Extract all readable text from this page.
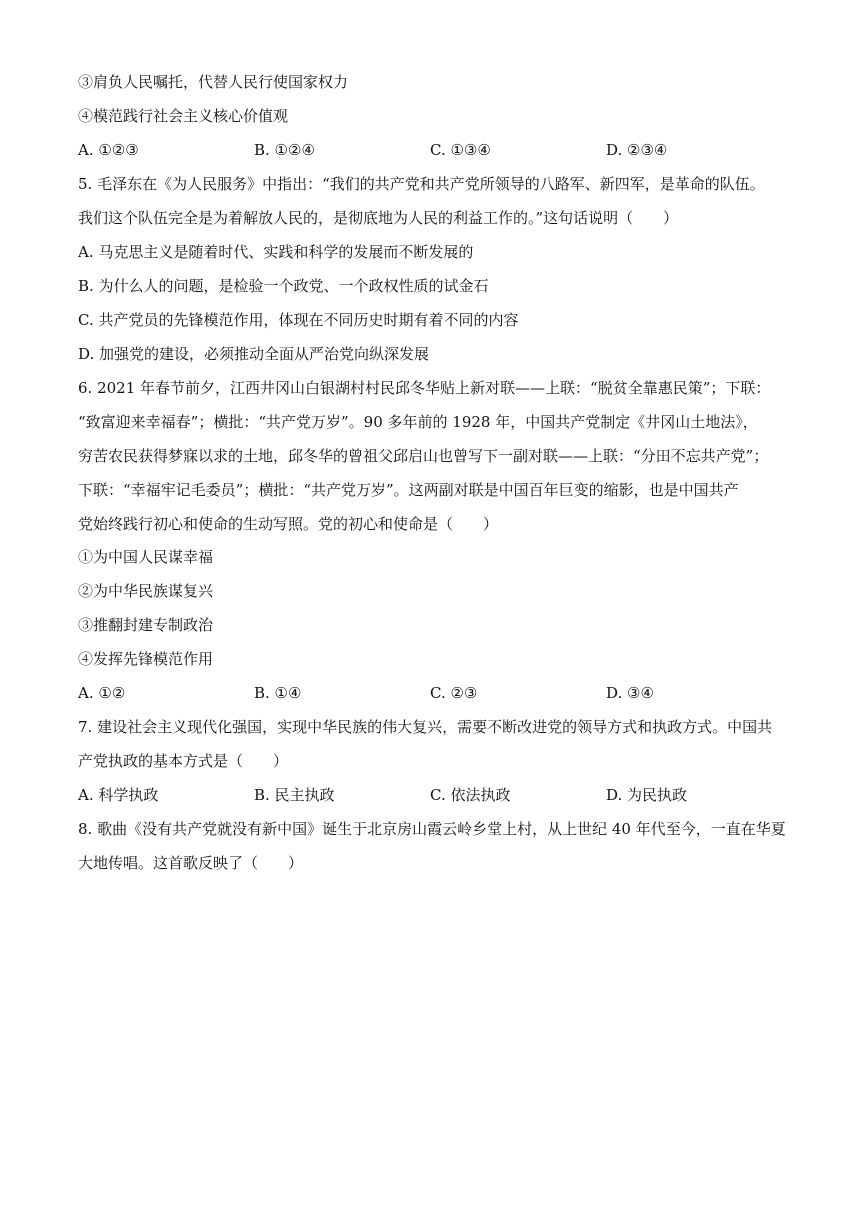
③肩负人民嘱托，代替人民行使国家权力
④模范践行社会主义核心价值观
A. ①②③	B. ①②④	C. ①③④	D. ②③④
5. 毛泽东在《为人民服务》中指出：“我们的共产党和共产党所领导的八路军、新四军，是革命的队伍。
我们这个队伍完全是为着解放人民的，是彻底地为人民的利益工作的。”这句话说明（　　）
A. 马克思主义是随着时代、实践和科学的发展而不断发展的
B. 为什么人的问题，是检验一个政党、一个政权性质的试金石
C. 共产党员的先锋模范作用，体现在不同历史时期有着不同的内容
D. 加强党的建设，必须推动全面从严治党向纵深发展
6. 2021 年春节前夕，江西井冈山白银湖村村民邱冬华贴上新对联——上联：“脱贫全靠惠民策”；下联：
“致富迎来幸福春”；横批：“共产党万岁”。90 多年前的 1928 年，中国共产党制定《井冈山土地法》，
穷苦农民获得梦寐以求的土地，邱冬华的曾祖父邱启山也曾写下一副对联——上联：“分田不忘共产党”；
下联：“幸福牢记毛委员”；横批：“共产党万岁”。这两副对联是中国百年巨变的缩影，也是中国共产
党始终践行初心和使命的生动写照。党的初心和使命是（　　）
①为中国人民谋幸福
②为中华民族谋复兴
③推翻封建专制政治
④发挥先锋模范作用
A. ①②	B. ①④	C. ②③	D. ③④
7. 建设社会主义现代化强国，实现中华民族的伟大复兴，需要不断改进党的领导方式和执政方式。中国共
产党执政的基本方式是（　　）
A. 科学执政	B. 民主执政	C. 依法执政	D. 为民执政
8. 歌曲《没有共产党就没有新中国》诞生于北京房山霞云岭乡堂上村，从上世纪 40 年代至今，一直在华夏
大地传唱。这首歌反映了（　　）
